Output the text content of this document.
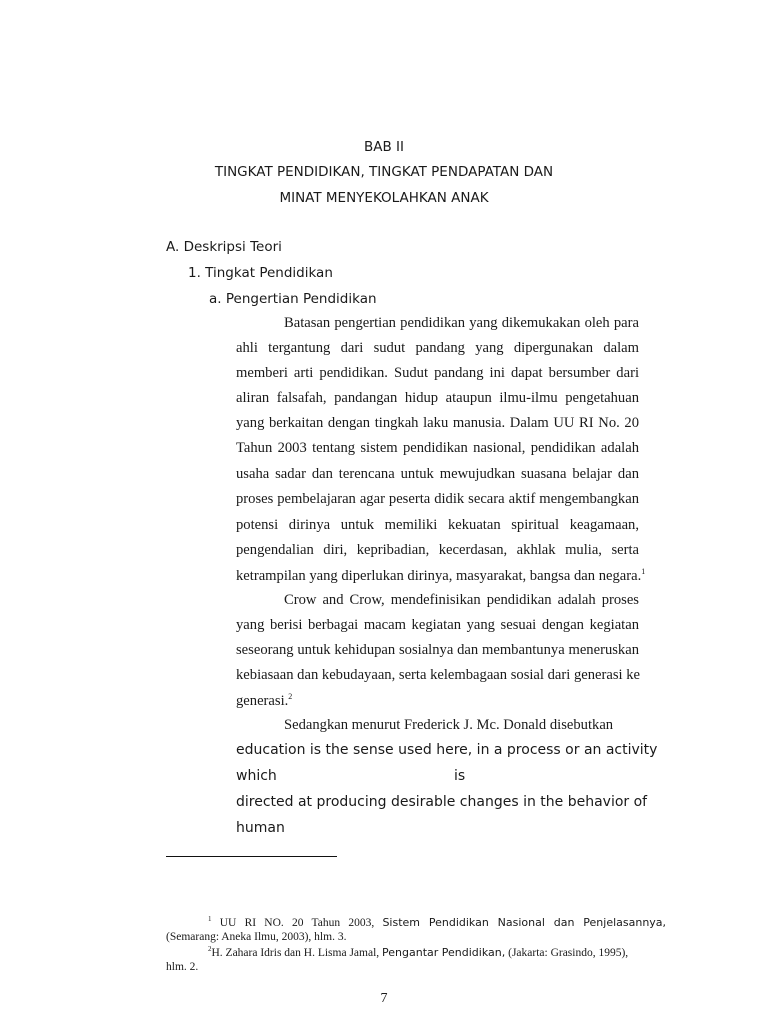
BAB II
TINGKAT PENDIDIKAN, TINGKAT PENDAPATAN DAN
MINAT MENYEKOLAHKAN ANAK
A. Deskripsi Teori
1. Tingkat Pendidikan
a. Pengertian Pendidikan
Batasan pengertian pendidikan yang dikemukakan oleh para
ahli tergantung dari sudut pandang yang dipergunakan dalam
memberi arti pendidikan. Sudut pandang ini dapat bersumber dari
aliran falsafah, pandangan hidup ataupun ilmu-ilmu pengetahuan
yang berkaitan dengan tingkah laku manusia. Dalam UU RI No. 20
Tahun 2003 tentang sistem pendidikan nasional, pendidikan adalah
usaha sadar dan terencana untuk mewujudkan suasana belajar dan
proses pembelajaran agar peserta didik secara aktif mengembangkan
potensi dirinya untuk memiliki kekuatan spiritual keagamaan,
pengendalian diri, kepribadian, kecerdasan, akhlak mulia, serta
ketrampilan yang diperlukan dirinya, masyarakat, bangsa dan negara.$^1$
Crow and Crow, mendefinisikan pendidikan adalah proses
yang berisi berbagai macam kegiatan yang sesuai dengan kegiatan
seseorang untuk kehidupan sosialnya dan membantunya meneruskan
kebiasaan dan kebudayaan, serta kelembagaan sosial dari generasi ke
generasi.$^2$
Sedangkan menurut Frederick J. Mc. Donald disebutkan
education is the sense used here, in a process or an activity
which	is
directed at producing desirable changes in the behavior of
human
$^1$ UU RI NO. 20 Tahun 2003, Sistem Pendidikan Nasional dan Penjelasannya,
(Semarang: Aneka Ilmu, 2003), hlm. 3.
$^2$H. Zahara Idris dan H. Lisma Jamal, Pengantar Pendidikan, (Jakarta: Grasindo, 1995),
hlm. 2.
7
